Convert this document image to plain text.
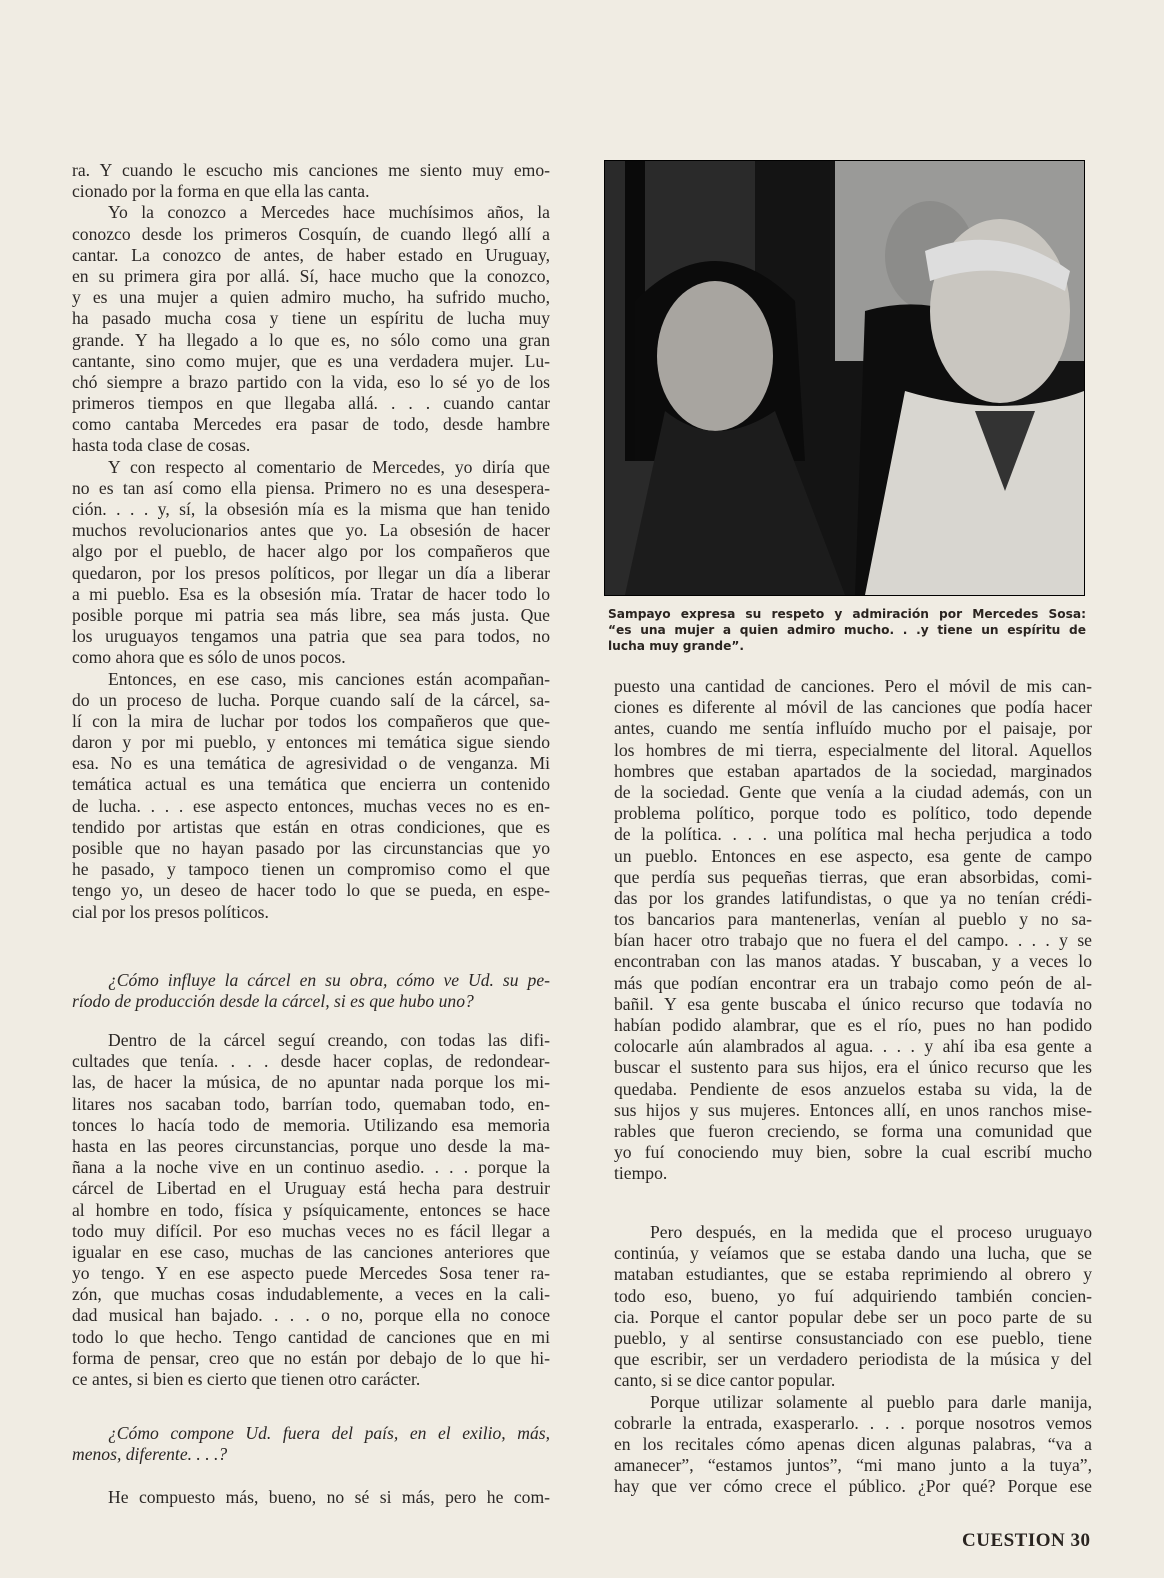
ra. Y cuando le escucho mis canciones me siento muy emo-
cionado por la forma en que ella las canta.
Yo la conozco a Mercedes hace muchísimos años, la
conozco desde los primeros Cosquín, de cuando llegó allí a
cantar. La conozco de antes, de haber estado en Uruguay,
en su primera gira por allá. Sí, hace mucho que la conozco,
y es una mujer a quien admiro mucho, ha sufrido mucho,
ha pasado mucha cosa y tiene un espíritu de lucha muy
grande. Y ha llegado a lo que es, no sólo como una gran
cantante, sino como mujer, que es una verdadera mujer. Lu-
chó siempre a brazo partido con la vida, eso lo sé yo de los
primeros tiempos en que llegaba allá. . . . cuando cantar
como cantaba Mercedes era pasar de todo, desde hambre
hasta toda clase de cosas.
Y con respecto al comentario de Mercedes, yo diría que
no es tan así como ella piensa. Primero no es una desespera-
ción. . . . y, sí, la obsesión mía es la misma que han tenido
muchos revolucionarios antes que yo. La obsesión de hacer
algo por el pueblo, de hacer algo por los compañeros que
quedaron, por los presos políticos, por llegar un día a liberar
a mi pueblo. Esa es la obsesión mía. Tratar de hacer todo lo
posible porque mi patria sea más libre, sea más justa. Que
los uruguayos tengamos una patria que sea para todos, no
como ahora que es sólo de unos pocos.
Entonces, en ese caso, mis canciones están acompañan-
do un proceso de lucha. Porque cuando salí de la cárcel, sa-
lí con la mira de luchar por todos los compañeros que que-
daron y por mi pueblo, y entonces mi temática sigue siendo
esa. No es una temática de agresividad o de venganza. Mi
temática actual es una temática que encierra un contenido
de lucha. . . . ese aspecto entonces, muchas veces no es en-
tendido por artistas que están en otras condiciones, que es
posible que no hayan pasado por las circunstancias que yo
he pasado, y tampoco tienen un compromiso como el que
tengo yo, un deseo de hacer todo lo que se pueda, en espe-
cial por los presos políticos.
¿Cómo influye la cárcel en su obra, cómo ve Ud. su pe-
ríodo de producción desde la cárcel, si es que hubo uno?
Dentro de la cárcel seguí creando, con todas las difi-
cultades que tenía. . . . desde hacer coplas, de redondear-
las, de hacer la música, de no apuntar nada porque los mi-
litares nos sacaban todo, barrían todo, quemaban todo, en-
tonces lo hacía todo de memoria. Utilizando esa memoria
hasta en las peores circunstancias, porque uno desde la ma-
ñana a la noche vive en un continuo asedio. . . . porque la
cárcel de Libertad en el Uruguay está hecha para destruir
al hombre en todo, física y psíquicamente, entonces se hace
todo muy difícil. Por eso muchas veces no es fácil llegar a
igualar en ese caso, muchas de las canciones anteriores que
yo tengo. Y en ese aspecto puede Mercedes Sosa tener ra-
zón, que muchas cosas indudablemente, a veces en la cali-
dad musical han bajado. . . . o no, porque ella no conoce
todo lo que hecho. Tengo cantidad de canciones que en mi
forma de pensar, creo que no están por debajo de lo que hi-
ce antes, si bien es cierto que tienen otro carácter.
¿Cómo compone Ud. fuera del país, en el exilio, más,
menos, diferente. . . .?
He compuesto más, bueno, no sé si más, pero he com-
Sampayo expresa su respeto y admiración por Mercedes Sosa:
“es una mujer a quien admiro mucho. . .y tiene un espíritu de
lucha muy grande”.
puesto una cantidad de canciones. Pero el móvil de mis can-
ciones es diferente al móvil de las canciones que podía hacer
antes, cuando me sentía influído mucho por el paisaje, por
los hombres de mi tierra, especialmente del litoral. Aquellos
hombres que estaban apartados de la sociedad, marginados
de la sociedad. Gente que venía a la ciudad además, con un
problema político, porque todo es político, todo depende
de la política. . . . una política mal hecha perjudica a todo
un pueblo. Entonces en ese aspecto, esa gente de campo
que perdía sus pequeñas tierras, que eran absorbidas, comi-
das por los grandes latifundistas, o que ya no tenían crédi-
tos bancarios para mantenerlas, venían al pueblo y no sa-
bían hacer otro trabajo que no fuera el del campo. . . . y se
encontraban con las manos atadas. Y buscaban, y a veces lo
más que podían encontrar era un trabajo como peón de al-
bañil. Y esa gente buscaba el único recurso que todavía no
habían podido alambrar, que es el río, pues no han podido
colocarle aún alambrados al agua. . . . y ahí iba esa gente a
buscar el sustento para sus hijos, era el único recurso que les
quedaba. Pendiente de esos anzuelos estaba su vida, la de
sus hijos y sus mujeres. Entonces allí, en unos ranchos mise-
rables que fueron creciendo, se forma una comunidad que
yo fuí conociendo muy bien, sobre la cual escribí mucho
tiempo.
Pero después, en la medida que el proceso uruguayo
continúa, y veíamos que se estaba dando una lucha, que se
mataban estudiantes, que se estaba reprimiendo al obrero y
todo eso, bueno, yo fuí adquiriendo también concien-
cia. Porque el cantor popular debe ser un poco parte de su
pueblo, y al sentirse consustanciado con ese pueblo, tiene
que escribir, ser un verdadero periodista de la música y del
canto, si se dice cantor popular.
Porque utilizar solamente al pueblo para darle manija,
cobrarle la entrada, exasperarlo. . . . porque nosotros vemos
en los recitales cómo apenas dicen algunas palabras, “va a
amanecer”, “estamos juntos”, “mi mano junto a la tuya”,
hay que ver cómo crece el público. ¿Por qué? Porque ese
CUESTION 30
